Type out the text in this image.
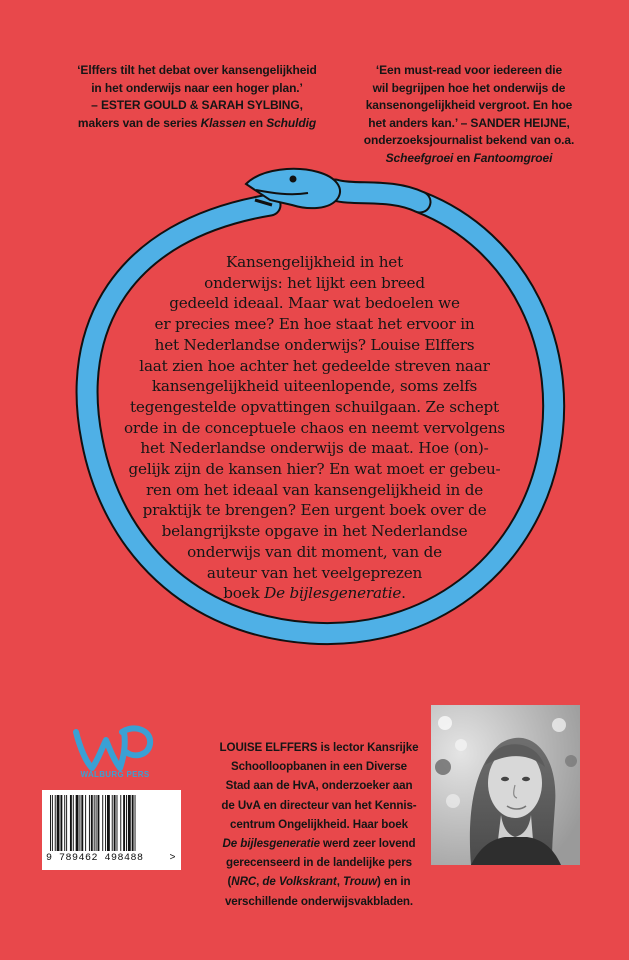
‘Elffers tilt het debat over kansengelijkheid
in het onderwijs naar een hoger plan.’
– ESTER GOULD & SARAH SYLBING,
makers van de series Klassen en Schuldig
‘Een must-read voor iedereen die
wil begrijpen hoe het onderwijs de
kansenongelijkheid vergroot. En hoe
het anders kan.’ – SANDER HEIJNE,
onderzoeksjournalist bekend van o.a.
Scheefgroei en Fantoomgroei
Kansengelijkheid in het
onderwijs: het lijkt een breed
gedeeld ideaal. Maar wat bedoelen we
er precies mee? En hoe staat het ervoor in
het Nederlandse onderwijs? Louise Elffers
laat zien hoe achter het gedeelde streven naar
kansengelijkheid uiteenlopende, soms zelfs
tegengestelde opvattingen schuilgaan. Ze schept
orde in de conceptuele chaos en neemt vervolgens
het Nederlandse onderwijs de maat. Hoe (on)-
gelijk zijn de kansen hier? En wat moet er gebeu-
ren om het ideaal van kansengelijkheid in de
praktijk te brengen? Een urgent boek over de
belangrijkste opgave in het Nederlandse
onderwijs van dit moment, van de
auteur van het veelgeprezen
boek De bijlesgeneratie.
WALBURG PERS
9 789462 498488	>
LOUISE ELFFERS is lector Kansrijke
Schoolloopbanen in een Diverse
Stad aan de HvA, onderzoeker aan
de UvA en directeur van het Kennis-
centrum Ongelijkheid. Haar boek
De bijlesgeneratie werd zeer lovend
gerecenseerd in de landelijke pers
(NRC, de Volkskrant, Trouw) en in
verschillende onderwijsvakbladen.
